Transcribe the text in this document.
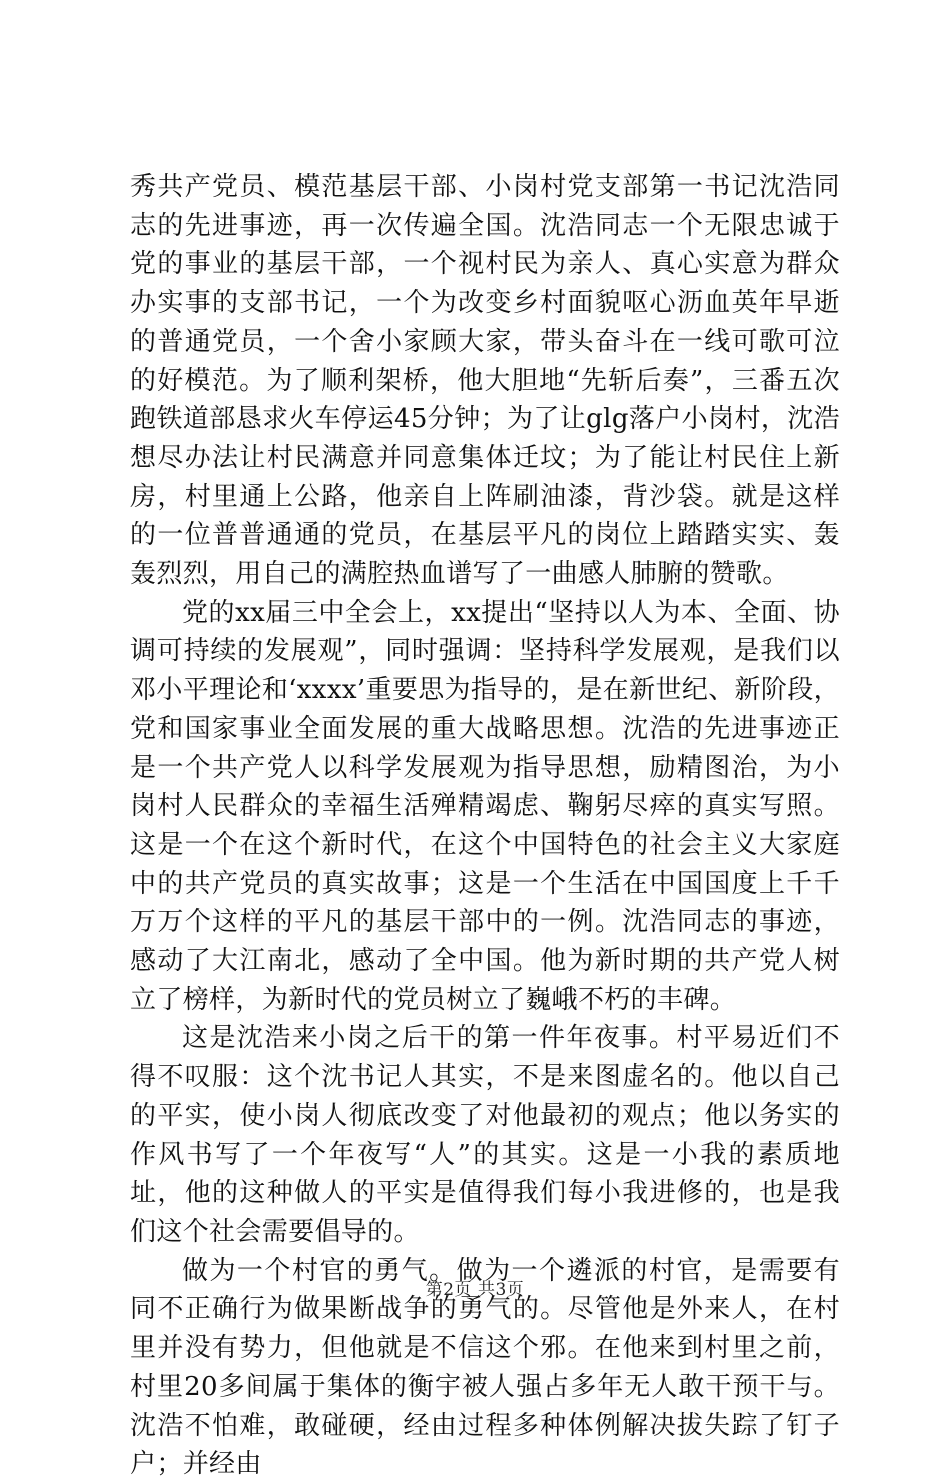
秀共产党员、模范基层干部、小岗村党支部第一书记沈浩同志的先进事迹，再一次传遍全国。沈浩同志一个无限忠诚于党的事业的基层干部，一个视村民为亲人、真心实意为群众办实事的支部书记，一个为改变乡村面貌呕心沥血英年早逝的普通党员，一个舍小家顾大家，带头奋斗在一线可歌可泣的好模范。为了顺利架桥，他大胆地“先斩后奏”，三番五次跑铁道部恳求火车停运45分钟；为了让glg落户小岗村，沈浩想尽办法让村民满意并同意集体迁坟；为了能让村民住上新房，村里通上公路，他亲自上阵刷油漆，背沙袋。就是这样的一位普普通通的党员，在基层平凡的岗位上踏踏实实、轰轰烈烈，用自己的满腔热血谱写了一曲感人肺腑的赞歌。

党的xx届三中全会上，xx提出“坚持以人为本、全面、协调可持续的发展观”，同时强调：坚持科学发展观，是我们以邓小平理论和‘xxxx’重要思为指导的，是在新世纪、新阶段，党和国家事业全面发展的重大战略思想。沈浩的先进事迹正是一个共产党人以科学发展观为指导思想，励精图治，为小岗村人民群众的幸福生活殚精竭虑、鞠躬尽瘁的真实写照。这是一个在这个新时代，在这个中国特色的社会主义大家庭中的共产党员的真实故事；这是一个生活在中国国度上千千万万个这样的平凡的基层干部中的一例。沈浩同志的事迹，感动了大江南北，感动了全中国。他为新时期的共产党人树立了榜样，为新时代的党员树立了巍峨不朽的丰碑。

这是沈浩来小岗之后干的第一件年夜事。村平易近们不得不叹服：这个沈书记人其实，不是来图虚名的。他以自己的平实，使小岗人彻底改变了对他最初的观点；他以务实的作风书写了一个年夜写“人”的其实。这是一小我的素质地址，他的这种做人的平实是值得我们每小我进修的，也是我们这个社会需要倡导的。

做为一个村官的勇气。做为一个遴派的村官，是需要有同不正确行为做果断战争的勇气的。尽管他是外来人，在村里并没有势力，但他就是不信这个邪。在他来到村里之前，村里20多间属于集体的衡宇被人强占多年无人敢干预干与。沈浩不怕难，敢碰硬，经由过程多种体例解决拔失踪了钉子户；并经由

第2页 共3页
